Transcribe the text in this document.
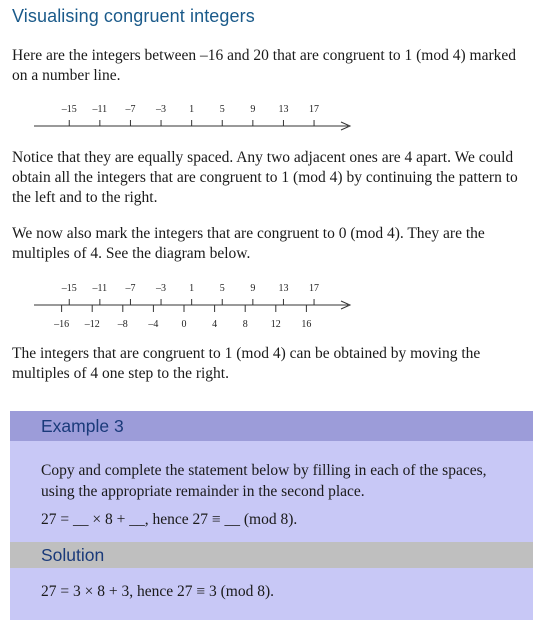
Visualising congruent integers

Here are the integers between –16 and 20 that are congruent to 1 (mod 4) marked on a number line.

–15 –11 –7 –3 1	5	9 13 17

Notice that they are equally spaced. Any two adjacent ones are 4 apart. We could obtain all the integers that are congruent to 1 (mod 4) by continuing the pattern to the left and to the right.

We now also mark the integers that are congruent to 0 (mod 4). They are the multiples of 4. See the diagram below.

–15 –11 –7 –3 1	5	9 13 17
–16 –12 –8 –4 0	4	8 12 16

The integers that are congruent to 1 (mod 4) can be obtained by moving the multiples of 4 one step to the right.

Example 3

Copy and complete the statement below by filling in each of the spaces, using the appropriate remainder in the second place.

27 = __ × 8 + __, hence 27 ≡ __ (mod 8).
Solution
27 = 3 × 8 + 3, hence 27 ≡ 3 (mod 8).
